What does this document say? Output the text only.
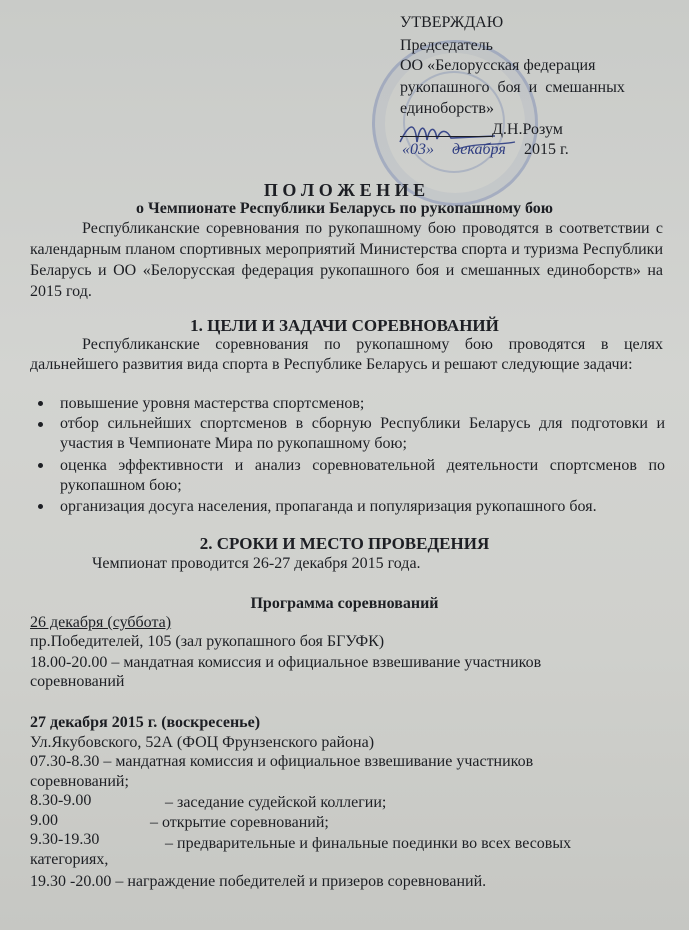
УТВЕРЖДАЮ
Председатель
ОО «Белорусская федерация
рукопашного боя и смешанных
единоборств»
Д.Н.Розум
«03» декабря 2015 г.
П О Л О Ж Е Н И Е
о Чемпионате Республики Беларусь по рукопашному бою
Республиканские соревнования по рукопашному бою проводятся в соответствии с календарным планом спортивных мероприятий Министерства спорта и туризма Республики Беларусь и ОО «Белорусская федерация рукопашного боя и смешанных единоборств» на 2015 год.
1. ЦЕЛИ И ЗАДАЧИ СОРЕВНОВАНИЙ
Республиканские соревнования по рукопашному бою проводятся в целях дальнейшего развития вида спорта в Республике Беларусь и решают следующие задачи:
повышение уровня мастерства спортсменов;
отбор сильнейших спортсменов в сборную Республики Беларусь для подготовки и участия в Чемпионате Мира по рукопашному бою;
оценка эффективности и анализ соревновательной деятельности спортсменов по рукопашном бою;
организация досуга населения, пропаганда и популяризация рукопашного боя.
2. СРОКИ И МЕСТО ПРОВЕДЕНИЯ
Чемпионат проводится 26-27 декабря 2015 года.
Программа соревнований
26 декабря (суббота)
пр.Победителей, 105 (зал рукопашного боя БГУФК)
18.00-20.00 – мандатная комиссия и официальное взвешивание участников
соревнований
27 декабря 2015 г. (воскресенье)
Ул.Якубовского, 52А (ФОЦ Фрунзенского района)
07.30-8.30 – мандатная комиссия и официальное взвешивание участников
соревнований;
8.30-9.00	– заседание судейской коллегии;
9.00	– открытие соревнований;
9.30-19.30	– предварительные и финальные поединки во всех весовых
категориях,
19.30 -20.00 – награждение победителей и призеров соревнований.
